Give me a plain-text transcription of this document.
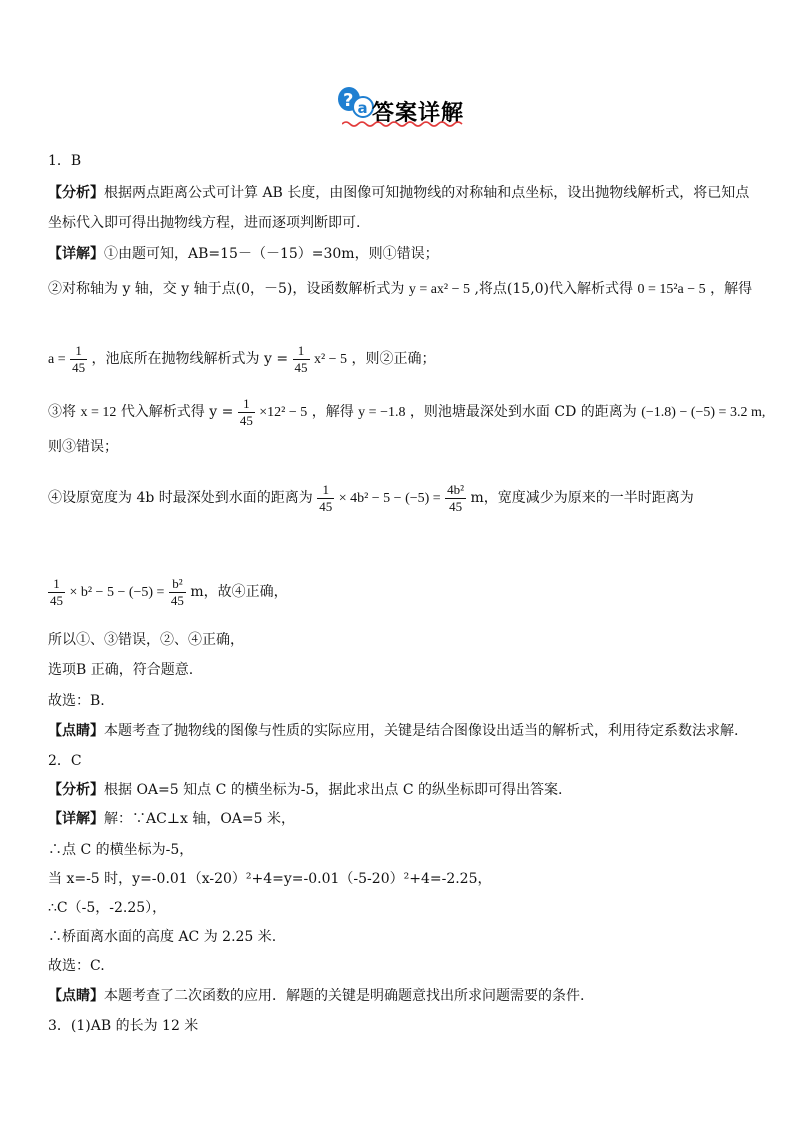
? a 答案详解
1．B
【分析】根据两点距离公式可计算 AB 长度，由图像可知抛物线的对称轴和点坐标，设出抛物线解析式，将已知点
坐标代入即可得出抛物线方程，进而逐项判断即可.
【详解】①由题可知，AB=15－（－15）=30m，则①错误；
②对称轴为 y 轴，交 y 轴于点(0，－5)，设函数解析式为 y = ax² − 5 ,将点(15,0)代入解析式得 0 = 15²a − 5 ，解得
$a = \frac{1}{45}$ ，池底所在抛物线解析式为 $y = \frac{1}{45} x^2 - 5$ ，则②正确；
③将 x = 12 代入解析式得 $y = \frac{1}{45} \times 12^2 - 5$ ，解得 y = −1.8 ，则池塘最深处到水面 CD 的距离为 (−1.8) − (−5) = 3.2 m,
则③错误；
④设原宽度为 4b 时最深处到水面的距离为 $\frac{1}{45} \times 4b^2 - 5 - (-5) = \frac{\text{4b²}}{45}$ m，宽度减少为原来的一半时距离为
$\frac{1}{45} \times b^2 - 5 - (-5) = \frac{\text{b²}}{45}$ m，故④正确，
所以①、③错误，②、④正确，
选项B 正确，符合题意.
故选：B.
【点睛】本题考查了抛物线的图像与性质的实际应用，关键是结合图像设出适当的解析式，利用待定系数法求解.
2．C
【分析】根据 OA=5 知点 C 的横坐标为-5，据此求出点 C 的纵坐标即可得出答案.
【详解】解：∵AC⊥x 轴，OA=5 米，
∴点 C 的横坐标为-5，
当 x=-5 时，y=-0.01（x-20）²+4=y=-0.01（-5-20）²+4=-2.25，
∴C（-5，-2.25），
∴桥面离水面的高度 AC 为 2.25 米.
故选：C.
【点睛】本题考查了二次函数的应用．解题的关键是明确题意找出所求问题需要的条件.
3．(1)AB 的长为 12 米
